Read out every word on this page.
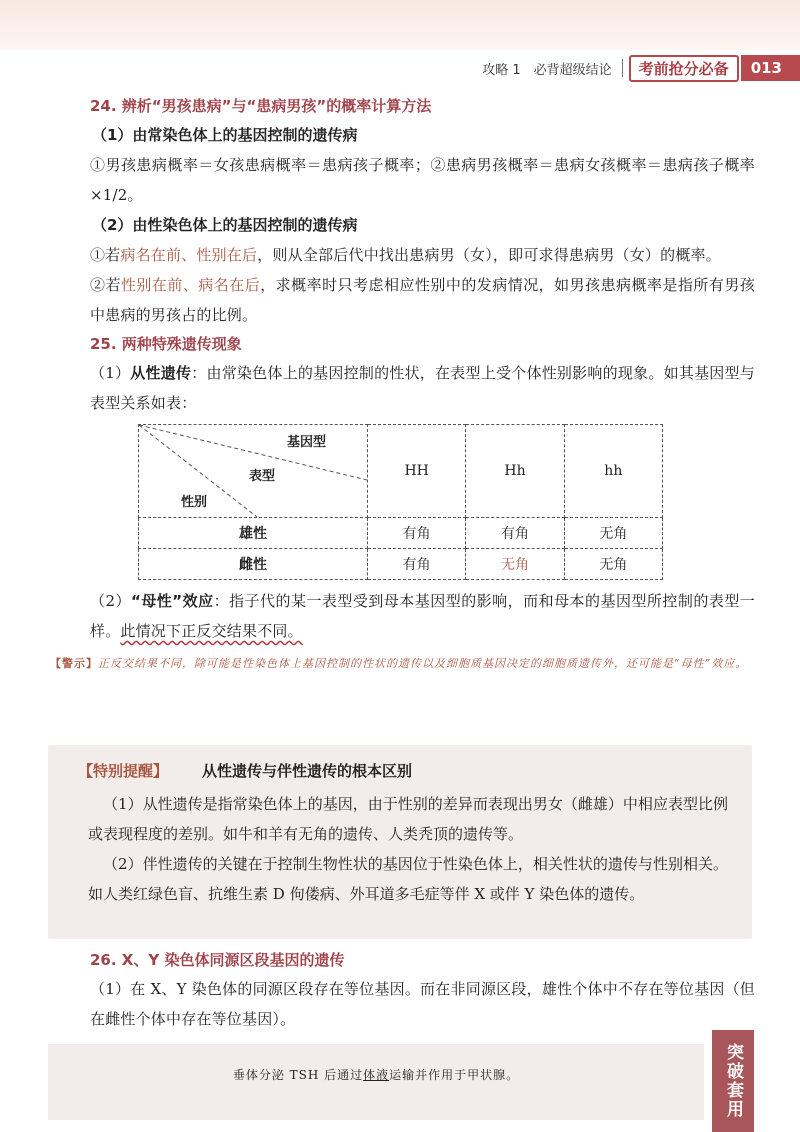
攻略 1　必背超级结论	考前抢分必备	013
24. 辨析“男孩患病”与“患病男孩”的概率计算方法

（1）由常染色体上的基因控制的遗传病

①男孩患病概率＝女孩患病概率＝患病孩子概率；②患病男孩概率＝患病女孩概率＝患病孩子概率×1/2。

（2）由性染色体上的基因控制的遗传病

①若病名在前、性别在后，则从全部后代中找出患病男（女），即可求得患病男（女）的概率。

②若性别在前、病名在后，求概率时只考虑相应性别中的发病情况，如男孩患病概率是指所有男孩中患病的男孩占的比例。

25. 两种特殊遗传现象

（1）从性遗传：由常染色体上的基因控制的性状，在表型上受个体性别影响的现象。如其基因型与表型关系如表：

基因型
表型
性别	HH	Hh	hh
雄性	有角	有角	无角
雌性	有角	无角	无角

（2）“母性”效应：指子代的某一表型受到母本基因型的影响，而和母本的基因型所控制的表型一样。此情况下正反交结果不同。

【警示】正反交结果不同，除可能是性染色体上基因控制的性状的遗传以及细胞质基因决定的细胞质遗传外，还可能是“母性”效应。

【特别提醒】 从性遗传与伴性遗传的根本区别

（1）从性遗传是指常染色体上的基因，由于性别的差异而表现出男女（雌雄）中相应表型比例或表现程度的差别。如牛和羊有无角的遗传、人类秃顶的遗传等。

（2）伴性遗传的关键在于控制生物性状的基因位于性染色体上，相关性状的遗传与性别相关。如人类红绿色盲、抗维生素 D 佝偻病、外耳道多毛症等伴 X 或伴 Y 染色体的遗传。

26. X、Y 染色体同源区段基因的遗传

（1）在 X、Y 染色体的同源区段存在等位基因。而在非同源区段，雄性个体中不存在等位基因（但在雌性个体中存在等位基因）。

垂体分泌 TSH 后通过体液运输并作用于甲状腺。	突破套用
